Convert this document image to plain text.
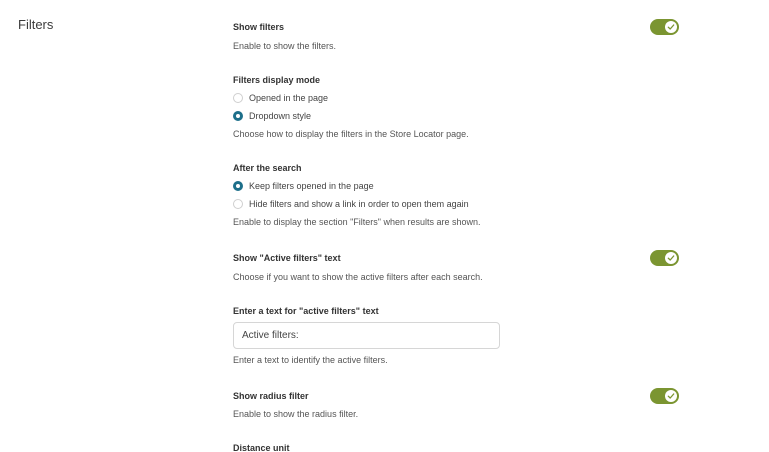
Filters	Show filters
Enable to show the filters.
Filters display mode
Opened in the page
Dropdown style
Choose how to display the filters in the Store Locator page.
After the search
Keep filters opened in the page
Hide filters and show a link in order to open them again
Enable to display the section "Filters" when results are shown.
Show "Active filters" text
Choose if you want to show the active filters after each search.
Enter a text for "active filters" text
Active filters:
Enter a text to identify the active filters.
Show radius filter
Enable to show the radius filter.
Distance unit
